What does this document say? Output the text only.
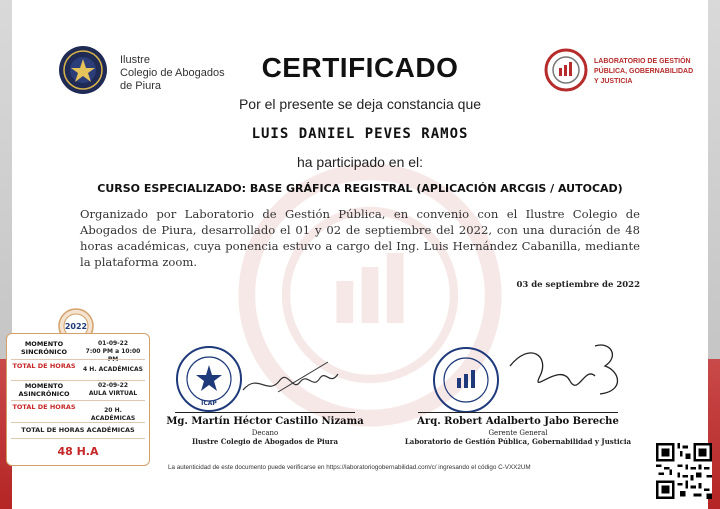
Ilustre
Colegio de Abogados
de Piura
LABORATORIO DE GESTIÓN
PÚBLICA, GOBERNABILIDAD
Y JUSTICIA
CERTIFICADO
Por el presente se deja constancia que
LUIS DANIEL PEVES RAMOS
ha participado en el:
CURSO ESPECIALIZADO: BASE GRÁFICA REGISTRAL (APLICACIÓN ARCGIS / AUTOCAD)
Organizado por Laboratorio de Gestión Pública, en convenio con el Ilustre Colegio de Abogados de Piura, desarrollado el 01 y 02 de septiembre del 2022, con una duración de 48 horas académicas, cuya ponencia estuvo a cargo del Ing. Luis Hernández Cabanilla, mediante la plataforma zoom.
03 de septiembre de 2022
2022
MOMENTO SINCRÓNICO
01-09-22
7:00 PM a 10:00 PM
TOTAL DE HORAS	4 H. ACADÉMICAS
MOMENTO ASINCRÓNICO
02-09-22
AULA VIRTUAL
TOTAL DE HORAS	20 H. ACADÉMICAS
TOTAL DE HORAS ACADÉMICAS
48 H.A
ICAP
Mg. Martín Héctor Castillo Nizama
Decano
Ilustre Colegio de Abogados de Piura
Arq. Robert Adalberto Jabo Bereche
Gerente General
Laboratorio de Gestión Pública, Gobernabilidad y Justicia
La autenticidad de este documento puede verificarse en https://laboratoriogobernabilidad.com/c/ ingresando el código C-VXX2UM
